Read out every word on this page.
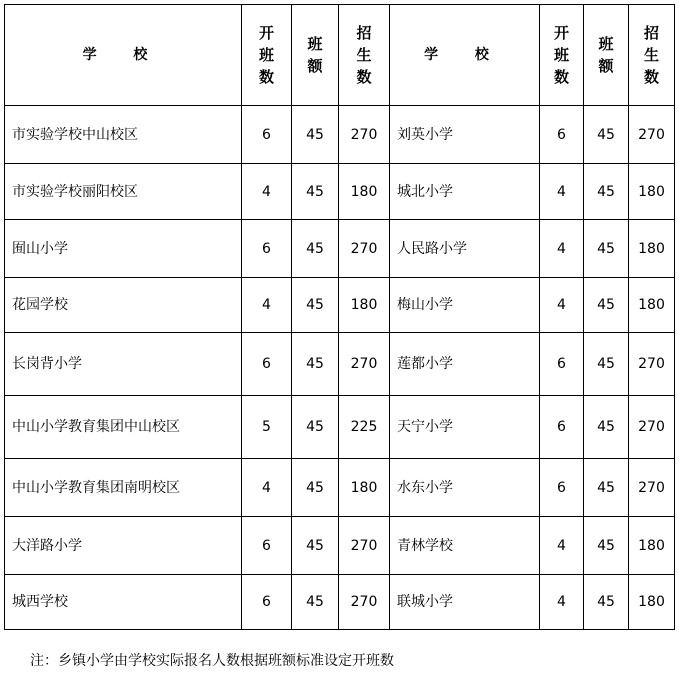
学 校	开班数	班额	招生数	学 校	开班数	班额	招生数
市实验学校中山校区	6	45	270	刘英小学	6	45	270
市实验学校丽阳校区	4	45	180	城北小学	4	45	180
囿山小学	6	45	270	人民路小学	4	45	180
花园学校	4	45	180	梅山小学	4	45	180
长岗背小学	6	45	270	莲都小学	6	45	270
中山小学教育集团中山校区	5	45	225	天宁小学	6	45	270
中山小学教育集团南明校区	4	45	180	水东小学	6	45	270
大洋路小学	6	45	270	青林学校	4	45	180
城西学校	6	45	270	联城小学	4	45	180
注：乡镇小学由学校实际报名人数根据班额标准设定开班数
